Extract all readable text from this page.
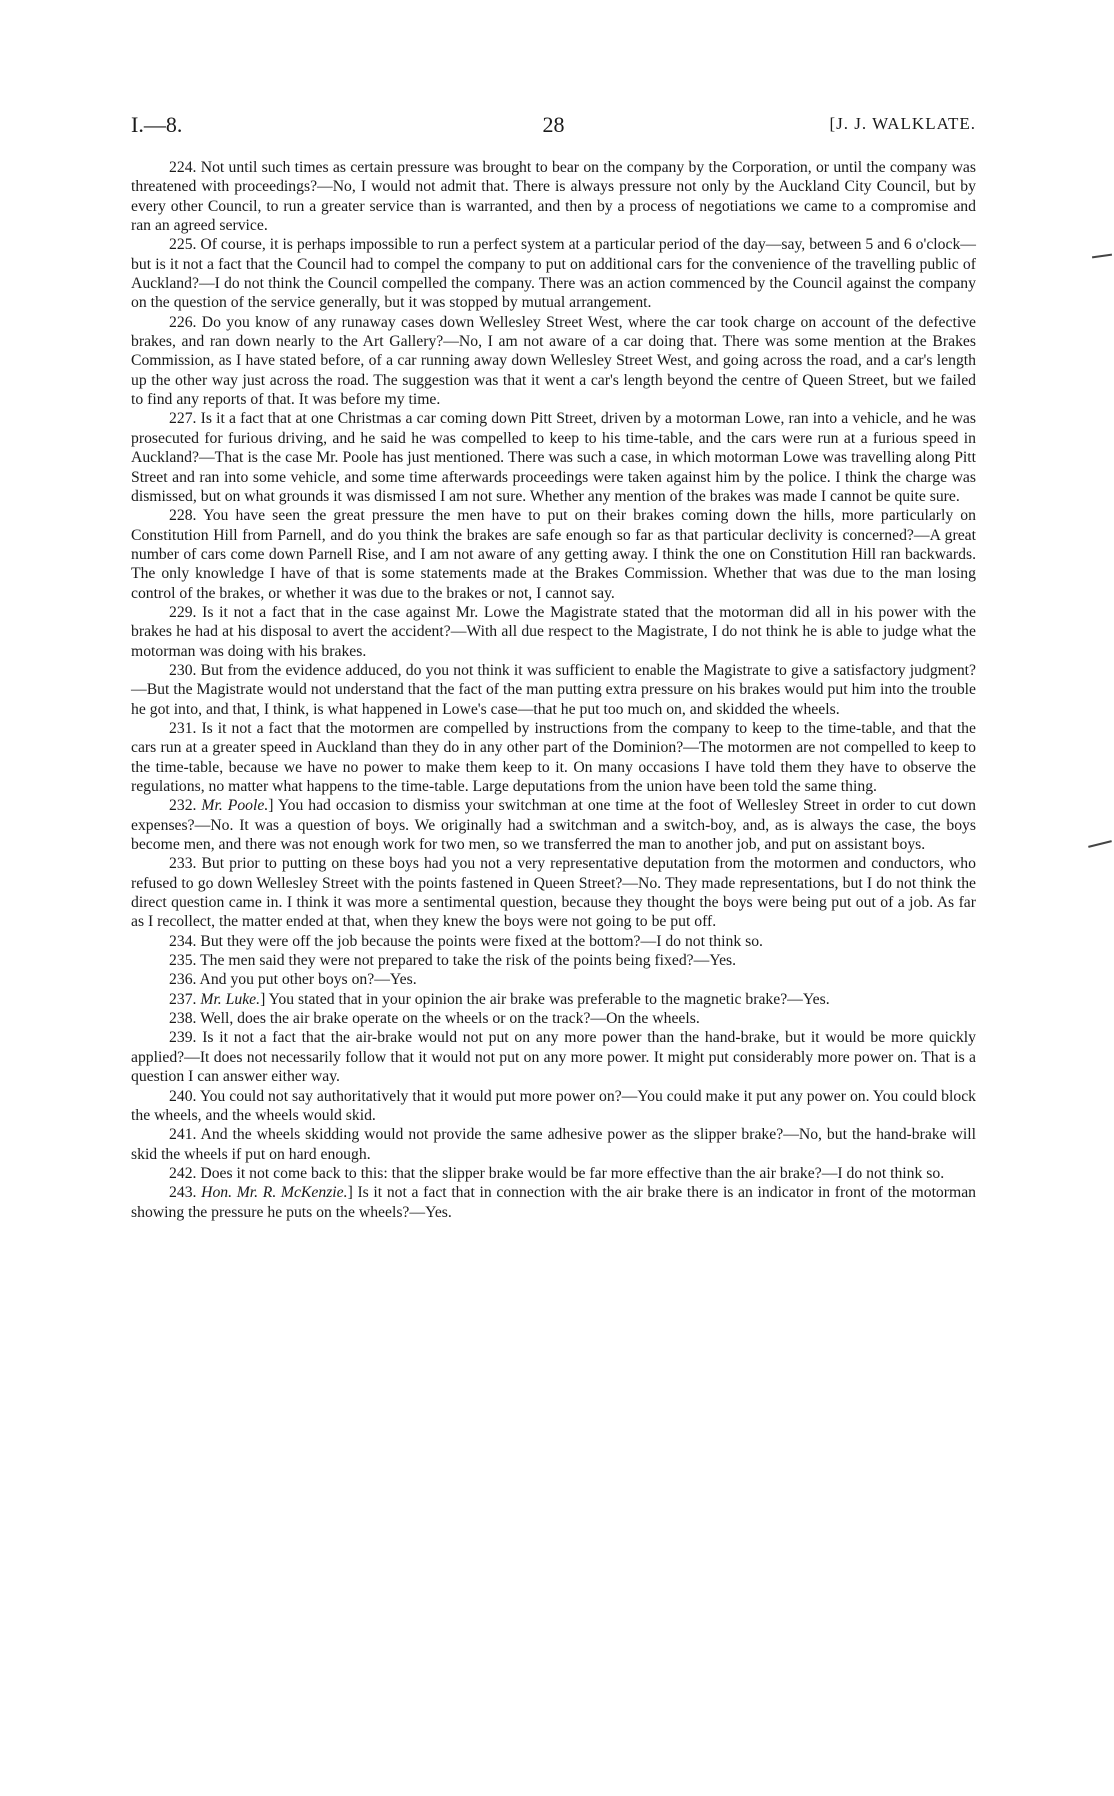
I.—8.	28	[J. J. WALKLATE.

224. Not until such times as certain pressure was brought to bear on the company by the Corporation, or until the company was threatened with proceedings?—No, I would not admit that. There is always pressure not only by the Auckland City Council, but by every other Council, to run a greater service than is warranted, and then by a process of negotiations we came to a compromise and ran an agreed service.

225. Of course, it is perhaps impossible to run a perfect system at a particular period of the day—say, between 5 and 6 o'clock—but is it not a fact that the Council had to compel the company to put on additional cars for the convenience of the travelling public of Auckland?—I do not think the Council compelled the company. There was an action commenced by the Council against the company on the question of the service generally, but it was stopped by mutual arrangement.

226. Do you know of any runaway cases down Wellesley Street West, where the car took charge on account of the defective brakes, and ran down nearly to the Art Gallery?—No, I am not aware of a car doing that. There was some mention at the Brakes Commission, as I have stated before, of a car running away down Wellesley Street West, and going across the road, and a car's length up the other way just across the road. The suggestion was that it went a car's length beyond the centre of Queen Street, but we failed to find any reports of that. It was before my time.

227. Is it a fact that at one Christmas a car coming down Pitt Street, driven by a motorman Lowe, ran into a vehicle, and he was prosecuted for furious driving, and he said he was compelled to keep to his time-table, and the cars were run at a furious speed in Auckland?—That is the case Mr. Poole has just mentioned. There was such a case, in which motorman Lowe was travelling along Pitt Street and ran into some vehicle, and some time afterwards proceedings were taken against him by the police. I think the charge was dismissed, but on what grounds it was dismissed I am not sure. Whether any mention of the brakes was made I cannot be quite sure.

228. You have seen the great pressure the men have to put on their brakes coming down the hills, more particularly on Constitution Hill from Parnell, and do you think the brakes are safe enough so far as that particular declivity is concerned?—A great number of cars come down Parnell Rise, and I am not aware of any getting away. I think the one on Constitution Hill ran backwards. The only knowledge I have of that is some statements made at the Brakes Commission. Whether that was due to the man losing control of the brakes, or whether it was due to the brakes or not, I cannot say.

229. Is it not a fact that in the case against Mr. Lowe the Magistrate stated that the motorman did all in his power with the brakes he had at his disposal to avert the accident?—With all due respect to the Magistrate, I do not think he is able to judge what the motorman was doing with his brakes.

230. But from the evidence adduced, do you not think it was sufficient to enable the Magistrate to give a satisfactory judgment?—But the Magistrate would not understand that the fact of the man putting extra pressure on his brakes would put him into the trouble he got into, and that, I think, is what happened in Lowe's case—that he put too much on, and skidded the wheels.

231. Is it not a fact that the motormen are compelled by instructions from the company to keep to the time-table, and that the cars run at a greater speed in Auckland than they do in any other part of the Dominion?—The motormen are not compelled to keep to the time-table, because we have no power to make them keep to it. On many occasions I have told them they have to observe the regulations, no matter what happens to the time-table. Large deputations from the union have been told the same thing.

232. Mr. Poole.] You had occasion to dismiss your switchman at one time at the foot of Wellesley Street in order to cut down expenses?—No. It was a question of boys. We originally had a switchman and a switch-boy, and, as is always the case, the boys become men, and there was not enough work for two men, so we transferred the man to another job, and put on assistant boys.

233. But prior to putting on these boys had you not a very representative deputation from the motormen and conductors, who refused to go down Wellesley Street with the points fastened in Queen Street?—No. They made representations, but I do not think the direct question came in. I think it was more a sentimental question, because they thought the boys were being put out of a job. As far as I recollect, the matter ended at that, when they knew the boys were not going to be put off.

234. But they were off the job because the points were fixed at the bottom?—I do not think so.

235. The men said they were not prepared to take the risk of the points being fixed?—Yes.

236. And you put other boys on?—Yes.

237. Mr. Luke.] You stated that in your opinion the air brake was preferable to the magnetic brake?—Yes.

238. Well, does the air brake operate on the wheels or on the track?—On the wheels.

239. Is it not a fact that the air-brake would not put on any more power than the hand-brake, but it would be more quickly applied?—It does not necessarily follow that it would not put on any more power. It might put considerably more power on. That is a question I can answer either way.

240. You could not say authoritatively that it would put more power on?—You could make it put any power on. You could block the wheels, and the wheels would skid.

241. And the wheels skidding would not provide the same adhesive power as the slipper brake?—No, but the hand-brake will skid the wheels if put on hard enough.

242. Does it not come back to this: that the slipper brake would be far more effective than the air brake?—I do not think so.

243. Hon. Mr. R. McKenzie.] Is it not a fact that in connection with the air brake there is an indicator in front of the motorman showing the pressure he puts on the wheels?—Yes.
